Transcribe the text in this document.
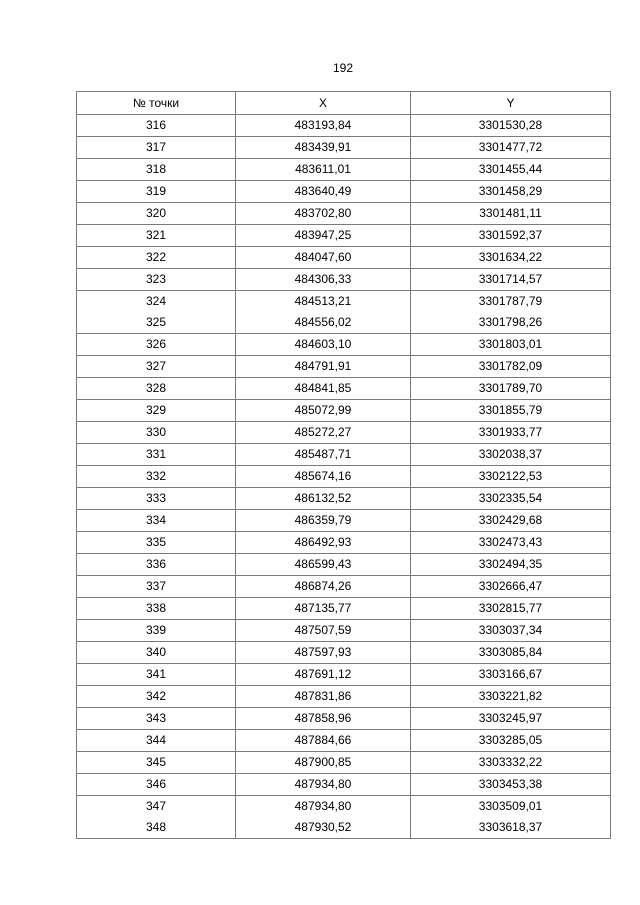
192
№ точки	X	Y
316	483193,84	3301530,28
317	483439,91	3301477,72
318	483611,01	3301455,44
319	483640,49	3301458,29
320	483702,80	3301481,11
321	483947,25	3301592,37
322	484047,60	3301634,22
323	484306,33	3301714,57
324	484513,21	3301787,79
325	484556,02	3301798,26
326	484603,10	3301803,01
327	484791,91	3301782,09
328	484841,85	3301789,70
329	485072,99	3301855,79
330	485272,27	3301933,77
331	485487,71	3302038,37
332	485674,16	3302122,53
333	486132,52	3302335,54
334	486359,79	3302429,68
335	486492,93	3302473,43
336	486599,43	3302494,35
337	486874,26	3302666,47
338	487135,77	3302815,77
339	487507,59	3303037,34
340	487597,93	3303085,84
341	487691,12	3303166,67
342	487831,86	3303221,82
343	487858,96	3303245,97
344	487884,66	3303285,05
345	487900,85	3303332,22
346	487934,80	3303453,38
347	487934,80	3303509,01
348	487930,52	3303618,37
